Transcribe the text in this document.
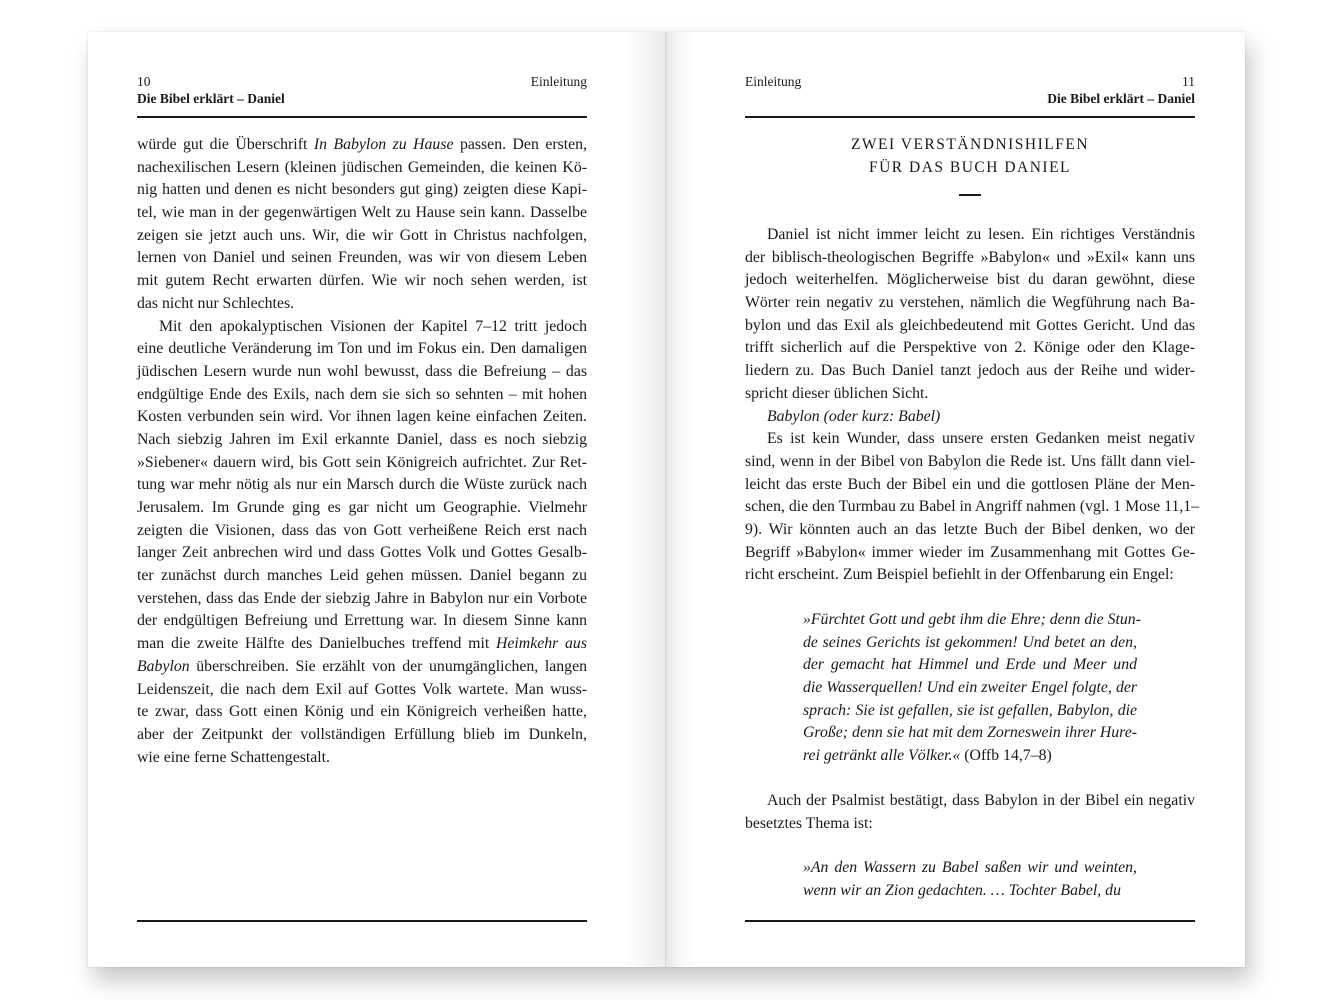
10	Einleitung
Die Bibel erklärt – Daniel
würde gut die Überschrift In Babylon zu Hause passen. Den ersten,
nachexilischen Lesern (kleinen jüdischen Gemeinden, die keinen Kö-
nig hatten und denen es nicht besonders gut ging) zeigten diese Kapi-
tel, wie man in der gegenwärtigen Welt zu Hause sein kann. Dasselbe
zeigen sie jetzt auch uns. Wir, die wir Gott in Christus nachfolgen,
lernen von Daniel und seinen Freunden, was wir von diesem Leben
mit gutem Recht erwarten dürfen. Wie wir noch sehen werden, ist
das nicht nur Schlechtes.
Mit den apokalyptischen Visionen der Kapitel 7–12 tritt jedoch
eine deutliche Veränderung im Ton und im Fokus ein. Den damaligen
jüdischen Lesern wurde nun wohl bewusst, dass die Befreiung – das
endgültige Ende des Exils, nach dem sie sich so sehnten – mit hohen
Kosten verbunden sein wird. Vor ihnen lagen keine einfachen Zeiten.
Nach siebzig Jahren im Exil erkannte Daniel, dass es noch siebzig
»Siebener« dauern wird, bis Gott sein Königreich aufrichtet. Zur Ret-
tung war mehr nötig als nur ein Marsch durch die Wüste zurück nach
Jerusalem. Im Grunde ging es gar nicht um Geographie. Vielmehr
zeigten die Visionen, dass das von Gott verheißene Reich erst nach
langer Zeit anbrechen wird und dass Gottes Volk und Gottes Gesalb-
ter zunächst durch manches Leid gehen müssen. Daniel begann zu
verstehen, dass das Ende der siebzig Jahre in Babylon nur ein Vorbote
der endgültigen Befreiung und Errettung war. In diesem Sinne kann
man die zweite Hälfte des Danielbuches treffend mit Heimkehr aus
Babylon überschreiben. Sie erzählt von der unumgänglichen, langen
Leidenszeit, die nach dem Exil auf Gottes Volk wartete. Man wuss-
te zwar, dass Gott einen König und ein Königreich verheißen hatte,
aber der Zeitpunkt der vollständigen Erfüllung blieb im Dunkeln,
wie eine ferne Schattengestalt.
Einleitung	11
Die Bibel erklärt – Daniel
ZWEI VERSTÄNDNISHILFEN
FÜR DAS BUCH DANIEL
Daniel ist nicht immer leicht zu lesen. Ein richtiges Verständnis
der biblisch-theologischen Begriffe »Babylon« und »Exil« kann uns
jedoch weiterhelfen. Möglicherweise bist du daran gewöhnt, diese
Wörter rein negativ zu verstehen, nämlich die Wegführung nach Ba-
bylon und das Exil als gleichbedeutend mit Gottes Gericht. Und das
trifft sicherlich auf die Perspektive von 2. Könige oder den Klage-
liedern zu. Das Buch Daniel tanzt jedoch aus der Reihe und wider-
spricht dieser üblichen Sicht.
Babylon (oder kurz: Babel)
Es ist kein Wunder, dass unsere ersten Gedanken meist negativ
sind, wenn in der Bibel von Babylon die Rede ist. Uns fällt dann viel-
leicht das erste Buch der Bibel ein und die gottlosen Pläne der Men-
schen, die den Turmbau zu Babel in Angriff nahmen (vgl. 1 Mose 11,1–
9). Wir könnten auch an das letzte Buch der Bibel denken, wo der
Begriff »Babylon« immer wieder im Zusammenhang mit Gottes Ge-
richt erscheint. Zum Beispiel befiehlt in der Offenbarung ein Engel:
»Fürchtet Gott und gebt ihm die Ehre; denn die Stun-
de seines Gerichts ist gekommen! Und betet an den,
der gemacht hat Himmel und Erde und Meer und
die Wasserquellen! Und ein zweiter Engel folgte, der
sprach: Sie ist gefallen, sie ist gefallen, Babylon, die
Große; denn sie hat mit dem Zorneswein ihrer Hure-
rei getränkt alle Völker.« (Offb 14,7–8)
Auch der Psalmist bestätigt, dass Babylon in der Bibel ein negativ
besetztes Thema ist:
»An den Wassern zu Babel saßen wir und weinten,
wenn wir an Zion gedachten. … Tochter Babel, du
